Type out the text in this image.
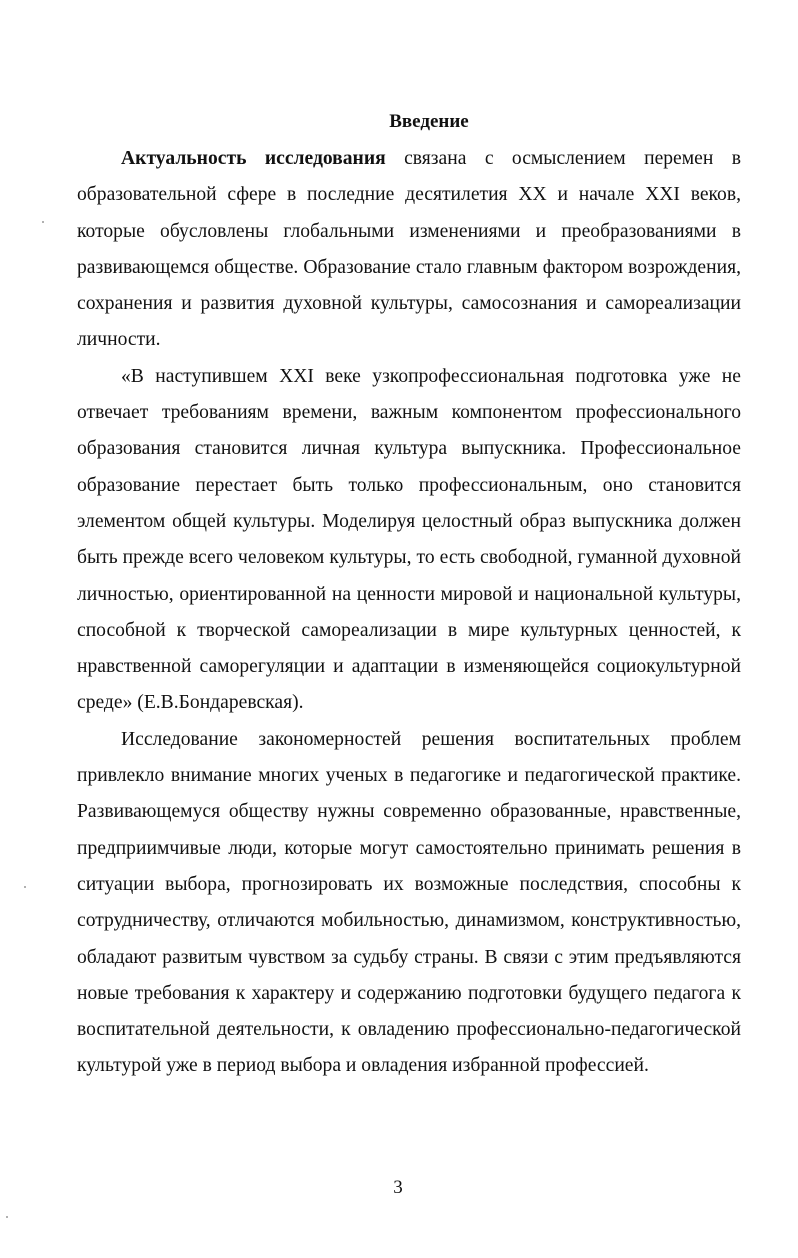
Введение

Актуальность исследования связана с осмыслением перемен в образовательной сфере в последние десятилетия XX и начале XXI веков, которые обусловлены глобальными изменениями и преобразованиями в развивающемся обществе. Образование стало главным фактором возрождения, сохранения и развития духовной культуры, самосознания и самореализации личности.

«В наступившем XXI веке узкопрофессиональная подготовка уже не отвечает требованиям времени, важным компонентом профессионального образования становится личная культура выпускника. Профессиональное образование перестает быть только профессиональным, оно становится элементом общей культуры. Моделируя целостный образ выпускника должен быть прежде всего человеком культуры, то есть свободной, гуманной духовной личностью, ориентированной на ценности мировой и национальной культуры, способной к творческой самореализации в мире культурных ценностей, к нравственной саморегуляции и адаптации в изменяющейся социокультурной среде» (Е.В.Бондаревская).

Исследование закономерностей решения воспитательных проблем привлекло внимание многих ученых в педагогике и педагогической практике. Развивающемуся обществу нужны современно образованные, нравственные, предприимчивые люди, которые могут самостоятельно принимать решения в ситуации выбора, прогнозировать их возможные последствия, способны к сотрудничеству, отличаются мобильностью, динамизмом, конструктивностью, обладают развитым чувством за судьбу страны. В связи с этим предъявляются новые требования к характеру и содержанию подготовки будущего педагога к воспитательной деятельности, к овладению профессионально-педагогической культурой уже в период выбора и овладения избранной профессией.

3
